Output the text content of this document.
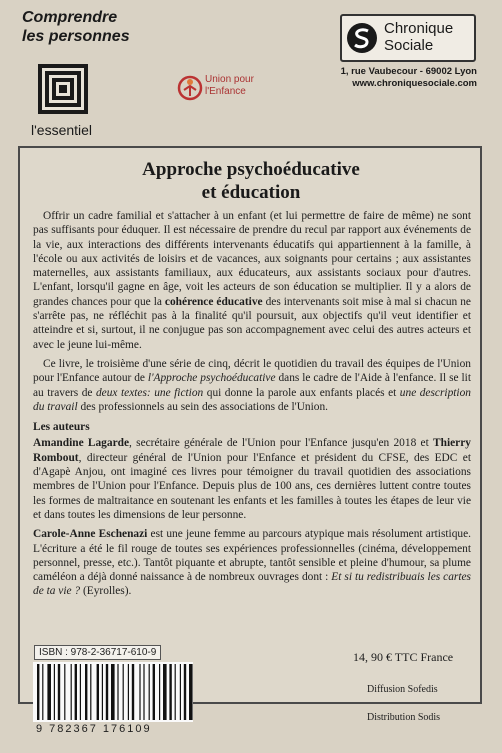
Comprendre
les personnes
l'essentiel
Union pour
l'Enfance
Chronique
Sociale
1, rue Vaubecour - 69002 Lyon
www.chroniquesociale.com
Approche psychoéducative
et éducation

Offrir un cadre familial et s'attacher à un enfant (et lui permettre de faire de même) ne sont pas suffisants pour éduquer. Il est nécessaire de prendre du recul par rapport aux événements de la vie, aux interactions des différents intervenants éducatifs qui appartiennent à la famille, à l'école ou aux activités de loisirs et de vacances, aux soignants pour certains ; aux assistantes maternelles, aux assistants familiaux, aux éducateurs, aux assistants sociaux pour d'autres. L'enfant, lorsqu'il gagne en âge, voit les acteurs de son éducation se multiplier. Il y a alors de grandes chances pour que la cohérence éducative des intervenants soit mise à mal si chacun ne s'arrête pas, ne réfléchit pas à la finalité qu'il poursuit, aux objectifs qu'il veut identifier et atteindre et si, surtout, il ne conjugue pas son accompagnement avec celui des autres acteurs et avec le jeune lui-même.

Ce livre, le troisième d'une série de cinq, décrit le quotidien du travail des équipes de l'Union pour l'Enfance autour de l'Approche psychoéducative dans le cadre de l'Aide à l'enfance. Il se lit au travers de deux textes: une fiction qui donne la parole aux enfants placés et une description du travail des professionnels au sein des associations de l'Union.

Les auteurs

Amandine Lagarde, secrétaire générale de l'Union pour l'Enfance jusqu'en 2018 et Thierry Rombout, directeur général de l'Union pour l'Enfance et président du CFSE, des EDC et d'Agapè Anjou, ont imaginé ces livres pour témoigner du travail quotidien des associations membres de l'Union pour l'Enfance. Depuis plus de 100 ans, ces dernières luttent contre toutes les formes de maltraitance en soutenant les enfants et les familles à toutes les étapes de leur vie et dans toutes les dimensions de leur personne.

Carole-Anne Eschenazi est une jeune femme au parcours atypique mais résolument artistique. L'écriture a été le fil rouge de toutes ses expériences professionnelles (cinéma, développement personnel, presse, etc.). Tantôt piquante et abrupte, tantôt sensible et pleine d'humour, sa plume caméléon a déjà donné naissance à de nombreux ouvrages dont : Et si tu redistribuais les cartes de ta vie ? (Eyrolles).

ISBN : 978-2-36717-610-9
9 782367 176109
14, 90 € TTC France
Diffusion Sofedis
Distribution Sodis
